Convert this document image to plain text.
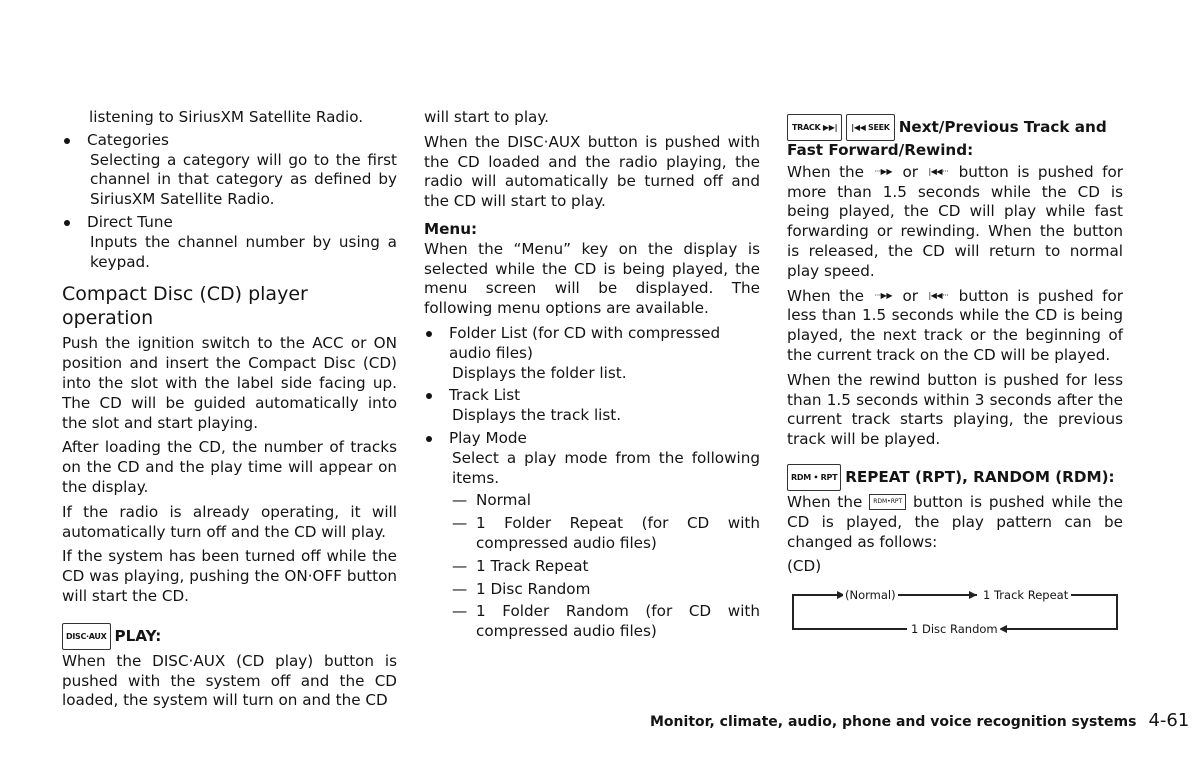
listening to SiriusXM Satellite Radio.

Categories

Selecting a category will go to the first channel in that category as defined by SiriusXM Satellite Radio.

Direct Tune

Inputs the channel number by using a keypad.

Compact Disc (CD) player operation

Push the ignition switch to the ACC or ON position and insert the Compact Disc (CD) into the slot with the label side facing up. The CD will be guided automatically into the slot and start playing.

After loading the CD, the number of tracks on the CD and the play time will appear on the display.

If the radio is already operating, it will automatically turn off and the CD will play.

If the system has been turned off while the CD was playing, pushing the ON·OFF button will start the CD.

DISC·AUX PLAY:

When the DISC·AUX (CD play) button is pushed with the system off and the CD loaded, the system will turn on and the CD

will start to play.

When the DISC·AUX button is pushed with the CD loaded and the radio playing, the radio will automatically be turned off and the CD will start to play.

Menu:

When the “Menu” key on the display is selected while the CD is being played, the menu screen will be displayed. The following menu options are available.

Folder List (for CD with compressed audio files)

Displays the folder list.

Track List

Displays the track list.

Play Mode

Select a play mode from the following items.

— Normal
— 1 Folder Repeat (for CD with compressed audio files)
— 1 Track Repeat
— 1 Disc Random
— 1 Folder Random (for CD with compressed audio files)
TRACK ▶▶| |◀◀ SEEK Next/Previous Track and Fast Forward/Rewind:

When the ···▶▶ or |◀◀··· button is pushed for more than 1.5 seconds while the CD is being played, the CD will play while fast forwarding or rewinding. When the button is released, the CD will return to normal play speed.

When the ···▶▶ or |◀◀··· button is pushed for less than 1.5 seconds while the CD is being played, the next track or the beginning of the current track on the CD will be played.

When the rewind button is pushed for less than 1.5 seconds within 3 seconds after the current track starts playing, the previous track will be played.

RDM • RPT REPEAT (RPT), RANDOM (RDM):

When the RDM•RPT button is pushed while the CD is played, the play pattern can be changed as follows:

(CD)

(Normal)	1 Track Repeat
1 Disc Random
Monitor, climate, audio, phone and voice recognition systems 4-61
